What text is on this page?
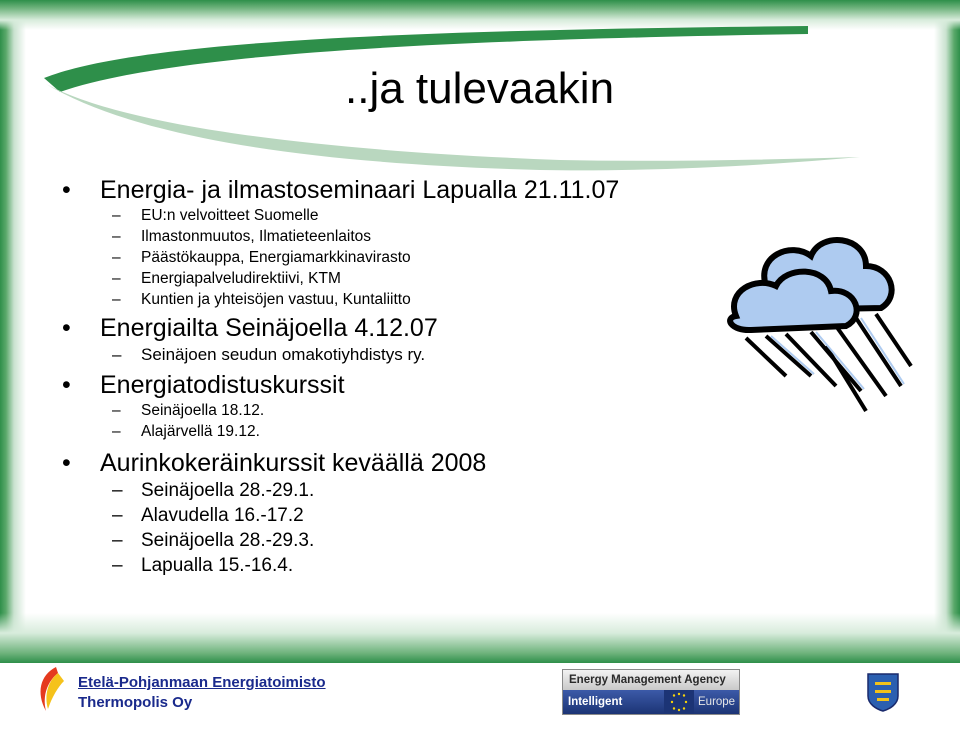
..ja tulevaakin
•	Energia- ja ilmastoseminaari Lapualla 21.11.07
– EU:n velvoitteet Suomelle
– Ilmastonmuutos, Ilmatieteenlaitos
– Päästökauppa, Energiamarkkinavirasto
– Energiapalveludirektiivi, KTM
– Kuntien ja yhteisöjen vastuu, Kuntaliitto
•	Energiailta Seinäjoella 4.12.07
– Seinäjoen seudun omakotiyhdistys ry.
•	Energiatodistuskurssit
– Seinäjoella 18.12.
– Alajärvellä 19.12.
•	Aurinkokeräinkurssit keväällä 2008
– Seinäjoella 28.-29.1.
– Alavudella 16.-17.2
– Seinäjoella 28.-29.3.
– Lapualla 15.-16.4.
Etelä-Pohjanmaan Energiatoimisto
Thermopolis Oy
Energy Management Agency
Intelligent Energy
Europe
